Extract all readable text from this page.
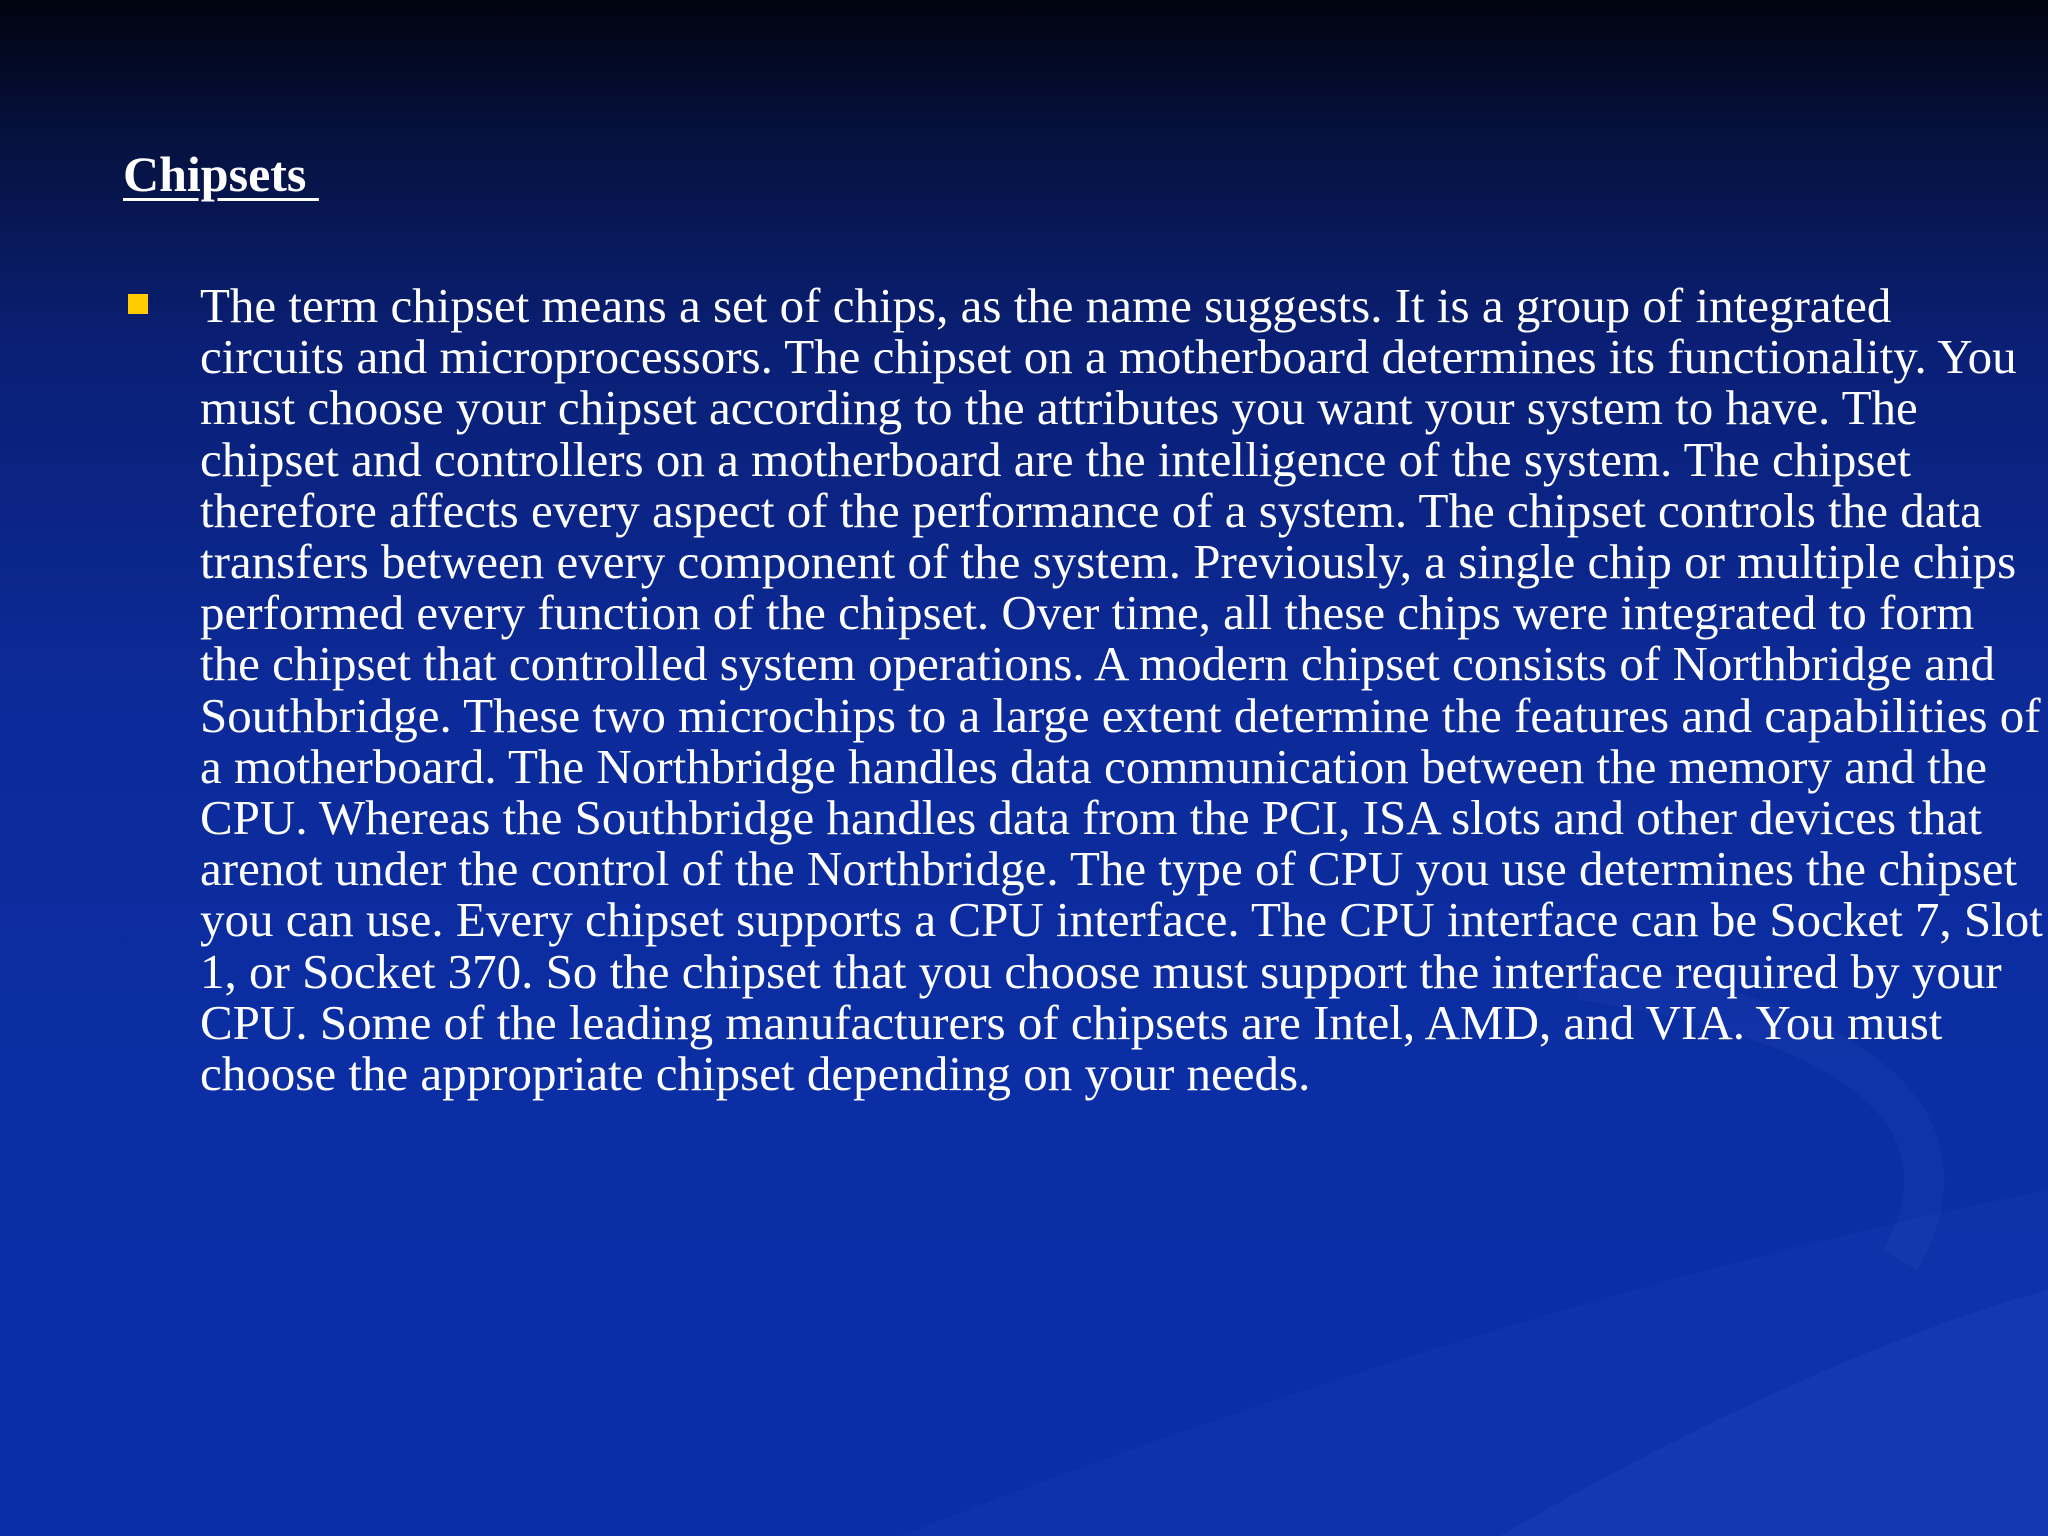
Chipsets

The term chipset means a set of chips, as the name suggests. It is a group of integrated circuits and microprocessors. The chipset on a motherboard determines its functionality. You must choose your chipset according to the attributes you want your system to have. The chipset and controllers on a motherboard are the intelligence of the system. The chipset therefore affects every aspect of the performance of a system. The chipset controls the data transfers between every component of the system. Previously, a single chip or multiple chips performed every function of the chipset. Over time, all these chips were integrated to form the chipset that controlled system operations. A modern chipset consists of Northbridge and Southbridge. These two microchips to a large extent determine the features and capabilities of a motherboard. The Northbridge handles data communication between the memory and the CPU. Whereas the Southbridge handles data from the PCI, ISA slots and other devices that arenot under the control of the Northbridge. The type of CPU you use determines the chipset you can use. Every chipset supports a CPU interface. The CPU interface can be Socket 7, Slot 1, or Socket 370. So the chipset that you choose must support the interface required by your CPU. Some of the leading manufacturers of chipsets are Intel, AMD, and VIA. You must choose the appropriate chipset depending on your needs.
